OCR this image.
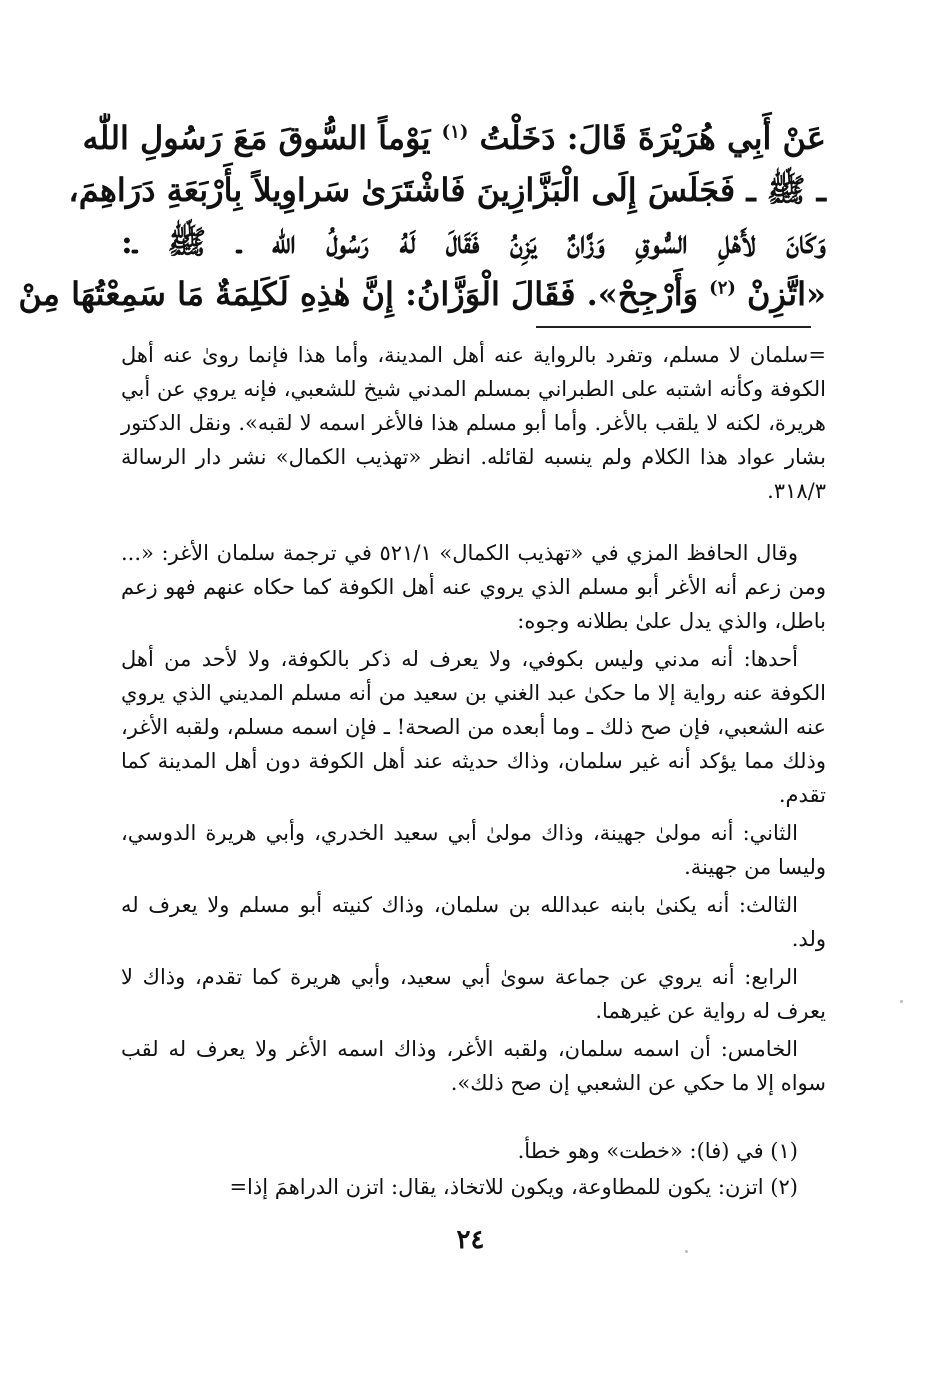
عَنْ أَبِي هُرَيْرَةَ قَالَ: دَخَلْتُ $^{(١)}$ يَوْماً السُّوقَ مَعَ رَسُولِ اللّٰه
ـ ﷺ ـ فَجَلَسَ إِلَى الْبَزَّازِينَ فَاشْتَرَىٰ سَراوِيلاً بِأَرْبَعَةِ دَرَاهِمَ،
وَكَانَ لأَهْلِ السُّوقِ وَزَّانٌ يَزِنُ فَقَالَ لَهُ رَسُولُ اللّٰه ـ ﷺ ـ:
«اتَّزِنْ $^{(٢)}$ وَأَرْجِحْ». فَقَالَ الْوَزَّانُ: إِنَّ هٰذِهِ لَكَلِمَةٌ مَا سَمِعْتُهَا مِنْ

=سلمان لا مسلم، وتفرد بالرواية عنه أهل المدينة، وأما هذا فإنما روىٰ عنه أهل الكوفة وكأنه اشتبه على الطبراني بمسلم المدني شيخ للشعبي، فإنه يروي عن أبي هريرة، لكنه لا يلقب بالأغر. وأما أبو مسلم هذا فالأغر اسمه لا لقبه». ونقل الدكتور بشار عواد هذا الكلام ولم ينسبه لقائله. انظر «تهذيب الكمال» نشر دار الرسالة ٣١٨/٣.

وقال الحافظ المزي في «تهذيب الكمال» ٥٢١/١ في ترجمة سلمان الأغر: «... ومن زعم أنه الأغر أبو مسلم الذي يروي عنه أهل الكوفة كما حكاه عنهم فهو زعم باطل، والذي يدل علىٰ بطلانه وجوه:

أحدها: أنه مدني وليس بكوفي، ولا يعرف له ذكر بالكوفة، ولا لأحد من أهل الكوفة عنه رواية إلا ما حكىٰ عبد الغني بن سعيد من أنه مسلم المديني الذي يروي عنه الشعبي، فإن صح ذلك ـ وما أبعده من الصحة! ـ فإن اسمه مسلم، ولقبه الأغر، وذلك مما يؤكد أنه غير سلمان، وذاك حديثه عند أهل الكوفة دون أهل المدينة كما تقدم.

الثاني: أنه مولىٰ جهينة، وذاك مولىٰ أبي سعيد الخدري، وأبي هريرة الدوسي، وليسا من جهينة.

الثالث: أنه يكنىٰ بابنه عبدالله بن سلمان، وذاك كنيته أبو مسلم ولا يعرف له ولد.

الرابع: أنه يروي عن جماعة سوىٰ أبي سعيد، وأبي هريرة كما تقدم، وذاك لا يعرف له رواية عن غيرهما.

الخامس: أن اسمه سلمان، ولقبه الأغر، وذاك اسمه الأغر ولا يعرف له لقب سواه إلا ما حكي عن الشعبي إن صح ذلك».

(١) في (فا): «خطت» وهو خطأ.

(٢) اتزن: يكون للمطاوعة، ويكون للاتخاذ، يقال: اتزن الدراهمَ إذا=

٢٤
